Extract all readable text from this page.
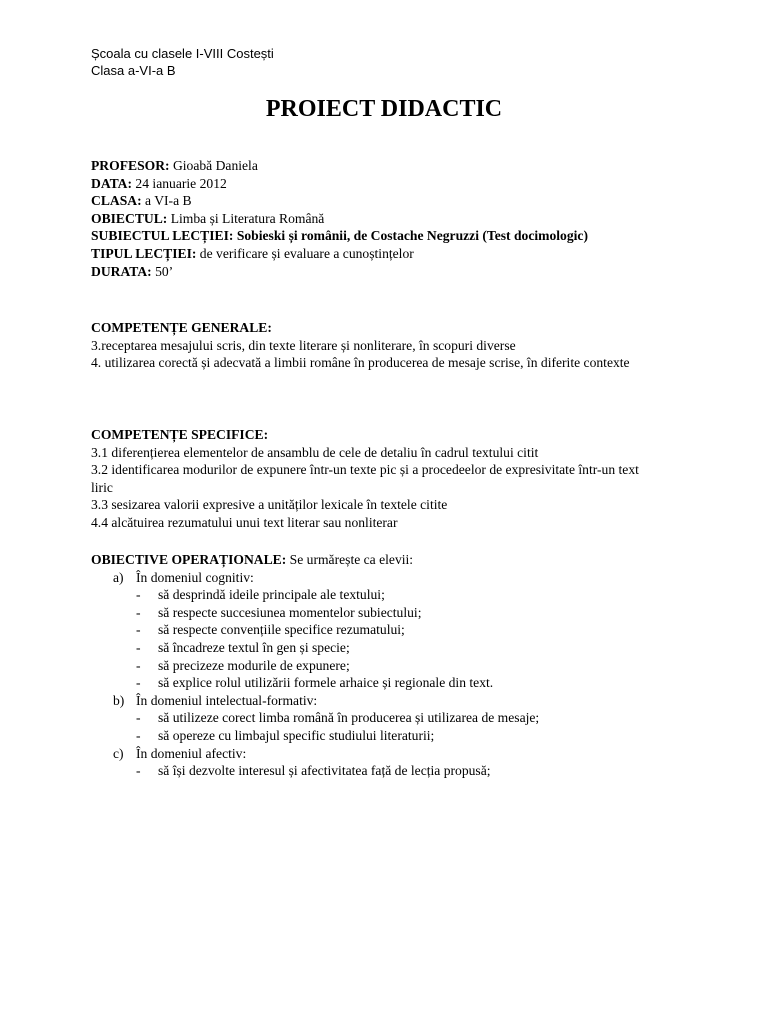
Școala cu clasele I-VIII Costești
Clasa a-VI-a B
PROIECT DIDACTIC
PROFESOR: Gioabă Daniela
DATA: 24 ianuarie 2012
CLASA: a VI-a B
OBIECTUL: Limba și Literatura Română
SUBIECTUL LECȚIEI: Sobieski și românii, de Costache Negruzzi (Test docimologic)
TIPUL LECȚIEI: de verificare și evaluare a cunoștințelor
DURATA: 50’
COMPETENȚE GENERALE:
3.receptarea mesajului scris, din texte literare și nonliterare, în scopuri diverse
4. utilizarea corectă și adecvată a limbii române în producerea de mesaje scrise, în diferite contexte
COMPETENȚE SPECIFICE:
3.1 diferențierea elementelor de ansamblu de cele de detaliu în cadrul textului citit
3.2 identificarea modurilor de expunere într-un texte pic și a procedeelor de expresivitate într-un text liric
3.3 sesizarea valorii expresive a unităților lexicale în textele citite
4.4 alcătuirea rezumatului unui text literar sau nonliterar
OBIECTIVE OPERAȚIONALE: Se urmărește ca elevii:
a) În domeniul cognitiv:
- să desprindă ideile principale ale textului;
- să respecte succesiunea momentelor subiectului;
- să respecte convențiile specifice rezumatului;
- să încadreze textul în gen și specie;
- să precizeze modurile de expunere;
- să explice rolul utilizării formele arhaice și regionale din text.
b) În domeniul intelectual-formativ:
- să utilizeze corect limba română în producerea și utilizarea de mesaje;
- să opereze cu limbajul specific studiului literaturii;
c) În domeniul afectiv:
- să își dezvolte interesul și afectivitatea față de lecția propusă;
